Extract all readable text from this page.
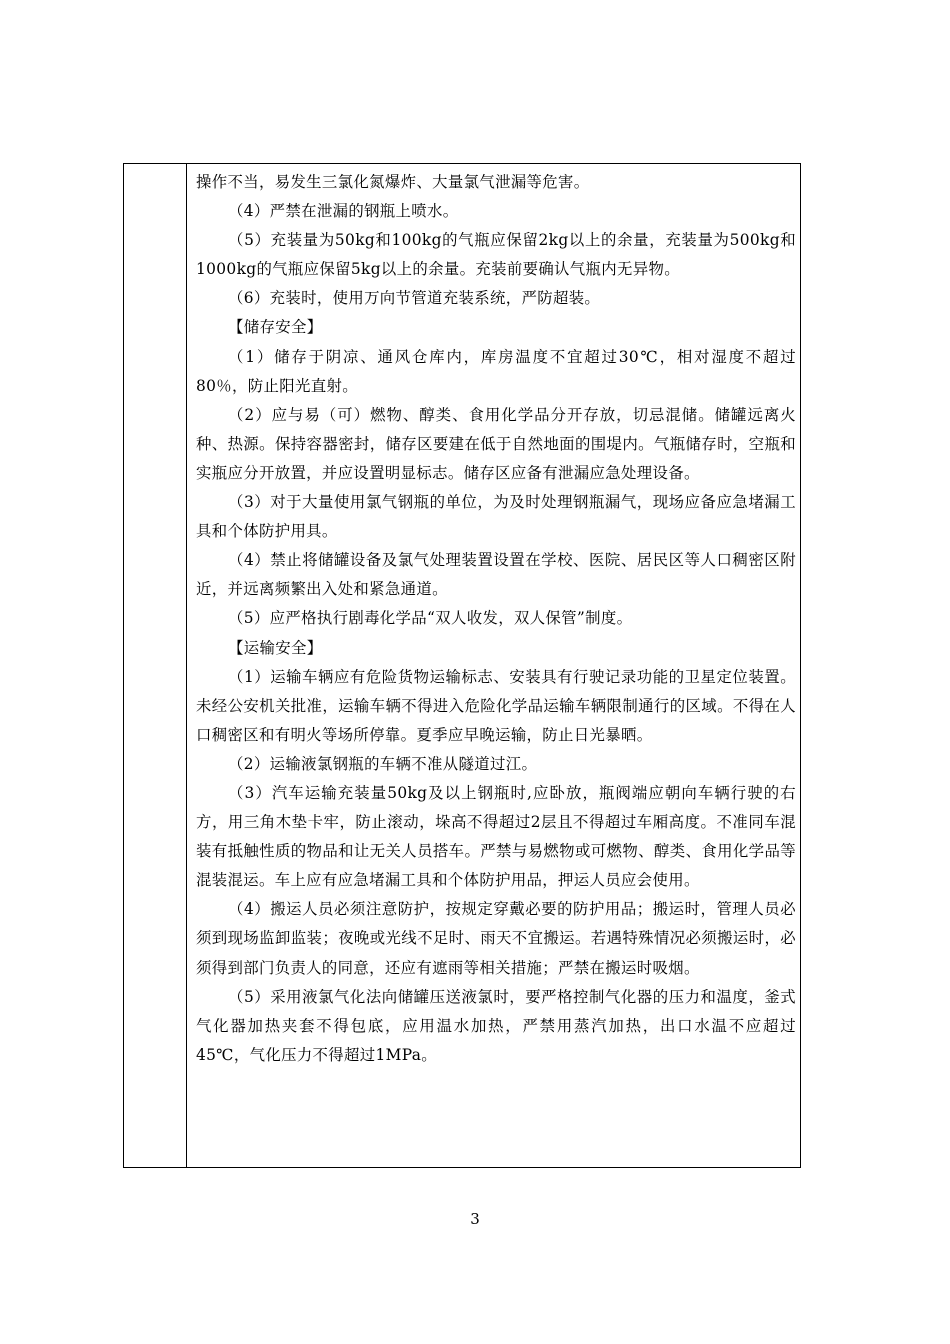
操作不当，易发生三氯化氮爆炸、大量氯气泄漏等危害。

（4）严禁在泄漏的钢瓶上喷水。

（5）充装量为50kg和100kg的气瓶应保留2kg以上的余量，充装量为500kg和1000kg的气瓶应保留5kg以上的余量。充装前要确认气瓶内无异物。

（6）充装时，使用万向节管道充装系统，严防超装。

【储存安全】

（1）储存于阴凉、通风仓库内，库房温度不宜超过30℃，相对湿度不超过80％，防止阳光直射。

（2）应与易（可）燃物、醇类、食用化学品分开存放，切忌混储。储罐远离火种、热源。保持容器密封，储存区要建在低于自然地面的围堤内。气瓶储存时，空瓶和实瓶应分开放置，并应设置明显标志。储存区应备有泄漏应急处理设备。

（3）对于大量使用氯气钢瓶的单位，为及时处理钢瓶漏气，现场应备应急堵漏工具和个体防护用具。

（4）禁止将储罐设备及氯气处理装置设置在学校、医院、居民区等人口稠密区附近，并远离频繁出入处和紧急通道。

（5）应严格执行剧毒化学品“双人收发，双人保管”制度。

【运输安全】

（1）运输车辆应有危险货物运输标志、安装具有行驶记录功能的卫星定位装置。未经公安机关批准，运输车辆不得进入危险化学品运输车辆限制通行的区域。不得在人口稠密区和有明火等场所停靠。夏季应早晚运输，防止日光暴晒。

（2）运输液氯钢瓶的车辆不准从隧道过江。

（3）汽车运输充装量50kg及以上钢瓶时,应卧放，瓶阀端应朝向车辆行驶的右方，用三角木垫卡牢，防止滚动，垛高不得超过2层且不得超过车厢高度。不准同车混装有抵触性质的物品和让无关人员搭车。严禁与易燃物或可燃物、醇类、食用化学品等混装混运。车上应有应急堵漏工具和个体防护用品，押运人员应会使用。

（4）搬运人员必须注意防护，按规定穿戴必要的防护用品；搬运时，管理人员必须到现场监卸监装；夜晚或光线不足时、雨天不宜搬运。若遇特殊情况必须搬运时，必须得到部门负责人的同意，还应有遮雨等相关措施；严禁在搬运时吸烟。

（5）采用液氯气化法向储罐压送液氯时，要严格控制气化器的压力和温度，釜式气化器加热夹套不得包底，应用温水加热，严禁用蒸汽加热，出口水温不应超过45℃，气化压力不得超过1MPa。

3
